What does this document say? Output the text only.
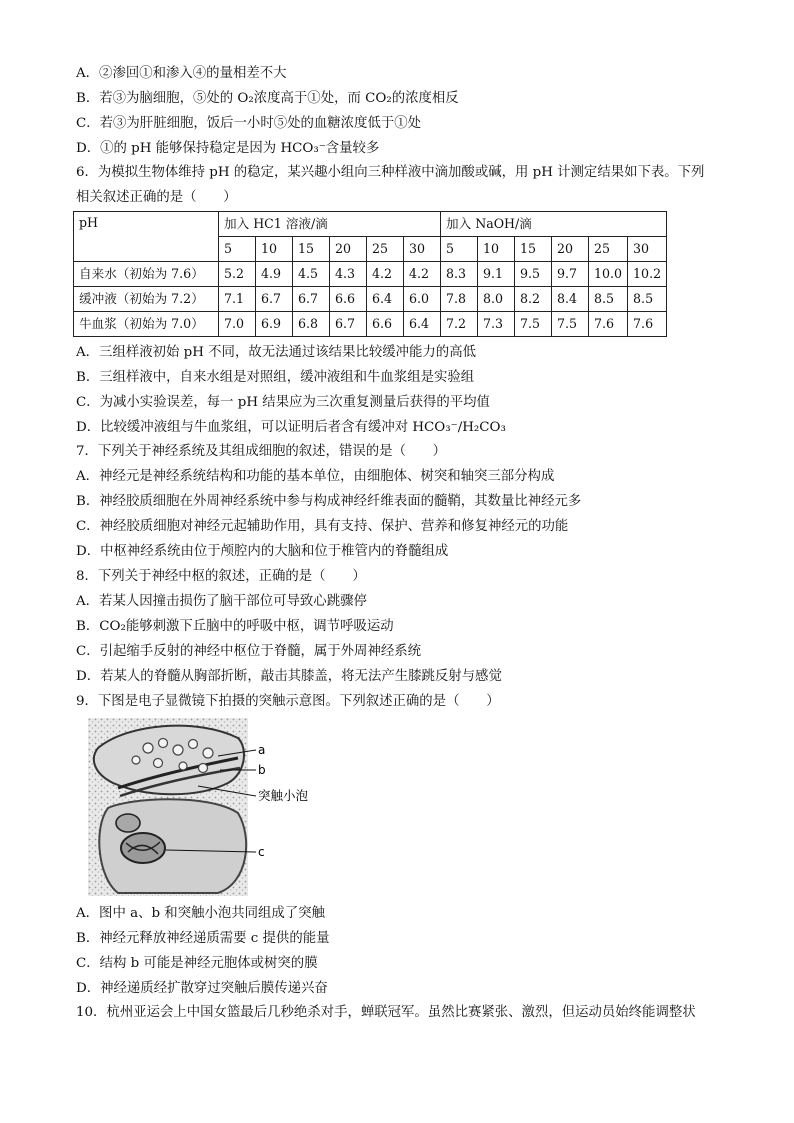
A．②渗回①和渗入④的量相差不大
B．若③为脑细胞，⑤处的 O₂浓度高于①处，而 CO₂的浓度相反
C．若③为肝脏细胞，饭后一小时⑤处的血糖浓度低于①处
D．①的 pH 能够保持稳定是因为 HCO₃⁻含量较多
6．为模拟生物体维持 pH 的稳定，某兴趣小组向三种样液中滴加酸或碱，用 pH 计测定结果如下表。下列
相关叙述正确的是（　　）
pH	加入 HC1 溶液/滴						加入 NaOH/滴					
	5	10	15	20	25	30	5	10	15	20	25	30
自来水（初始为 7.6）	5.2	4.9	4.5	4.3	4.2	4.2	8.3	9.1	9.5	9.7	10.0	10.2
缓冲液（初始为 7.2）	7.1	6.7	6.7	6.6	6.4	6.0	7.8	8.0	8.2	8.4	8.5	8.5
牛血浆（初始为 7.0）	7.0	6.9	6.8	6.7	6.6	6.4	7.2	7.3	7.5	7.5	7.6	7.6
A．三组样液初始 pH 不同，故无法通过该结果比较缓冲能力的高低
B．三组样液中，自来水组是对照组，缓冲液组和牛血浆组是实验组
C．为减小实验误差，每一 pH 结果应为三次重复测量后获得的平均值
D．比较缓冲液组与牛血浆组，可以证明后者含有缓冲对 HCO₃⁻/H₂CO₃
7．下列关于神经系统及其组成细胞的叙述，错误的是（　　）
A．神经元是神经系统结构和功能的基本单位，由细胞体、树突和轴突三部分构成
B．神经胶质细胞在外周神经系统中参与构成神经纤维表面的髓鞘，其数量比神经元多
C．神经胶质细胞对神经元起辅助作用，具有支持、保护、营养和修复神经元的功能
D．中枢神经系统由位于颅腔内的大脑和位于椎管内的脊髓组成
8．下列关于神经中枢的叙述，正确的是（　　）
A．若某人因撞击损伤了脑干部位可导致心跳骤停
B．CO₂能够刺激下丘脑中的呼吸中枢，调节呼吸运动
C．引起缩手反射的神经中枢位于脊髓，属于外周神经系统
D．若某人的脊髓从胸部折断，敲击其膝盖，将无法产生膝跳反射与感觉
9．下图是电子显微镜下拍摄的突触示意图。下列叙述正确的是（　　）
a
b
突触小泡
c
A．图中 a、b 和突触小泡共同组成了突触
B．神经元释放神经递质需要 c 提供的能量
C．结构 b 可能是神经元胞体或树突的膜
D．神经递质经扩散穿过突触后膜传递兴奋
10．杭州亚运会上中国女篮最后几秒绝杀对手，蝉联冠军。虽然比赛紧张、激烈，但运动员始终能调整状
